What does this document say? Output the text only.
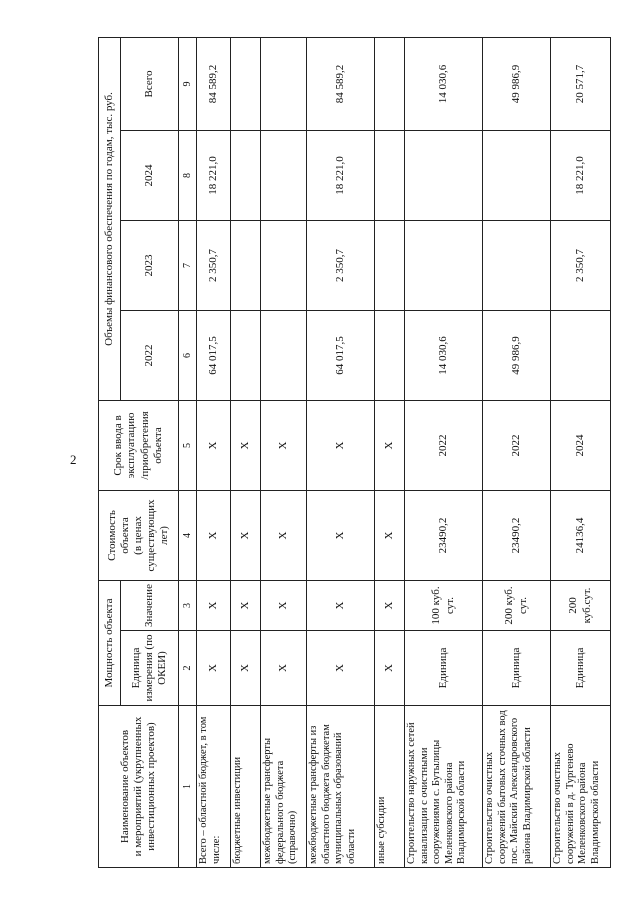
2
Наименование объектов и мероприятий (укрупненных инвестиционных проектов)	Мощность объекта		Стоимость объекта (в ценах существующих лет)	Срок ввода в эксплуатацию /приобретения объекта	Объемы финансового обеспечения по годам, тыс. руб.			
	Единица измерения (по ОКЕИ)	Значение			2022	2023	2024	Всего
1	2	3	4	5	6	7	8	9
Всего – областной бюджет, в том числе:	Х	Х	Х	Х	64 017,5	2 350,7	18 221,0	84 589,2
бюджетные инвестиции	Х	Х	Х	Х				
межбюджетные трансферты федерального бюджета (справочно)	Х	Х	Х	Х				
межбюджетные трансферты из областного бюджета бюджетам муниципальных образований области	Х	Х	Х	Х	64 017,5	2 350,7	18 221,0	84 589,2
иные субсидии	Х	Х	Х	Х				
Строительство наружных сетей канализации с очистными сооружениями с. Бутылицы Меленковского района Владимирской области	Единица	100 куб. сут.	23490,2	2022	14 030,6			14 030,6
Строительство очистных сооружений бытовых сточных вод пос. Майский Александровского района Владимирской области	Единица	200 куб. сут.	23490,2	2022	49 986,9			49 986,9
Строительство очистных сооружений в д. Тургенево Меленковского района Владимирской области	Единица	200 куб.сут.	24136,4	2024		2 350,7	18 221,0	20 571,7
